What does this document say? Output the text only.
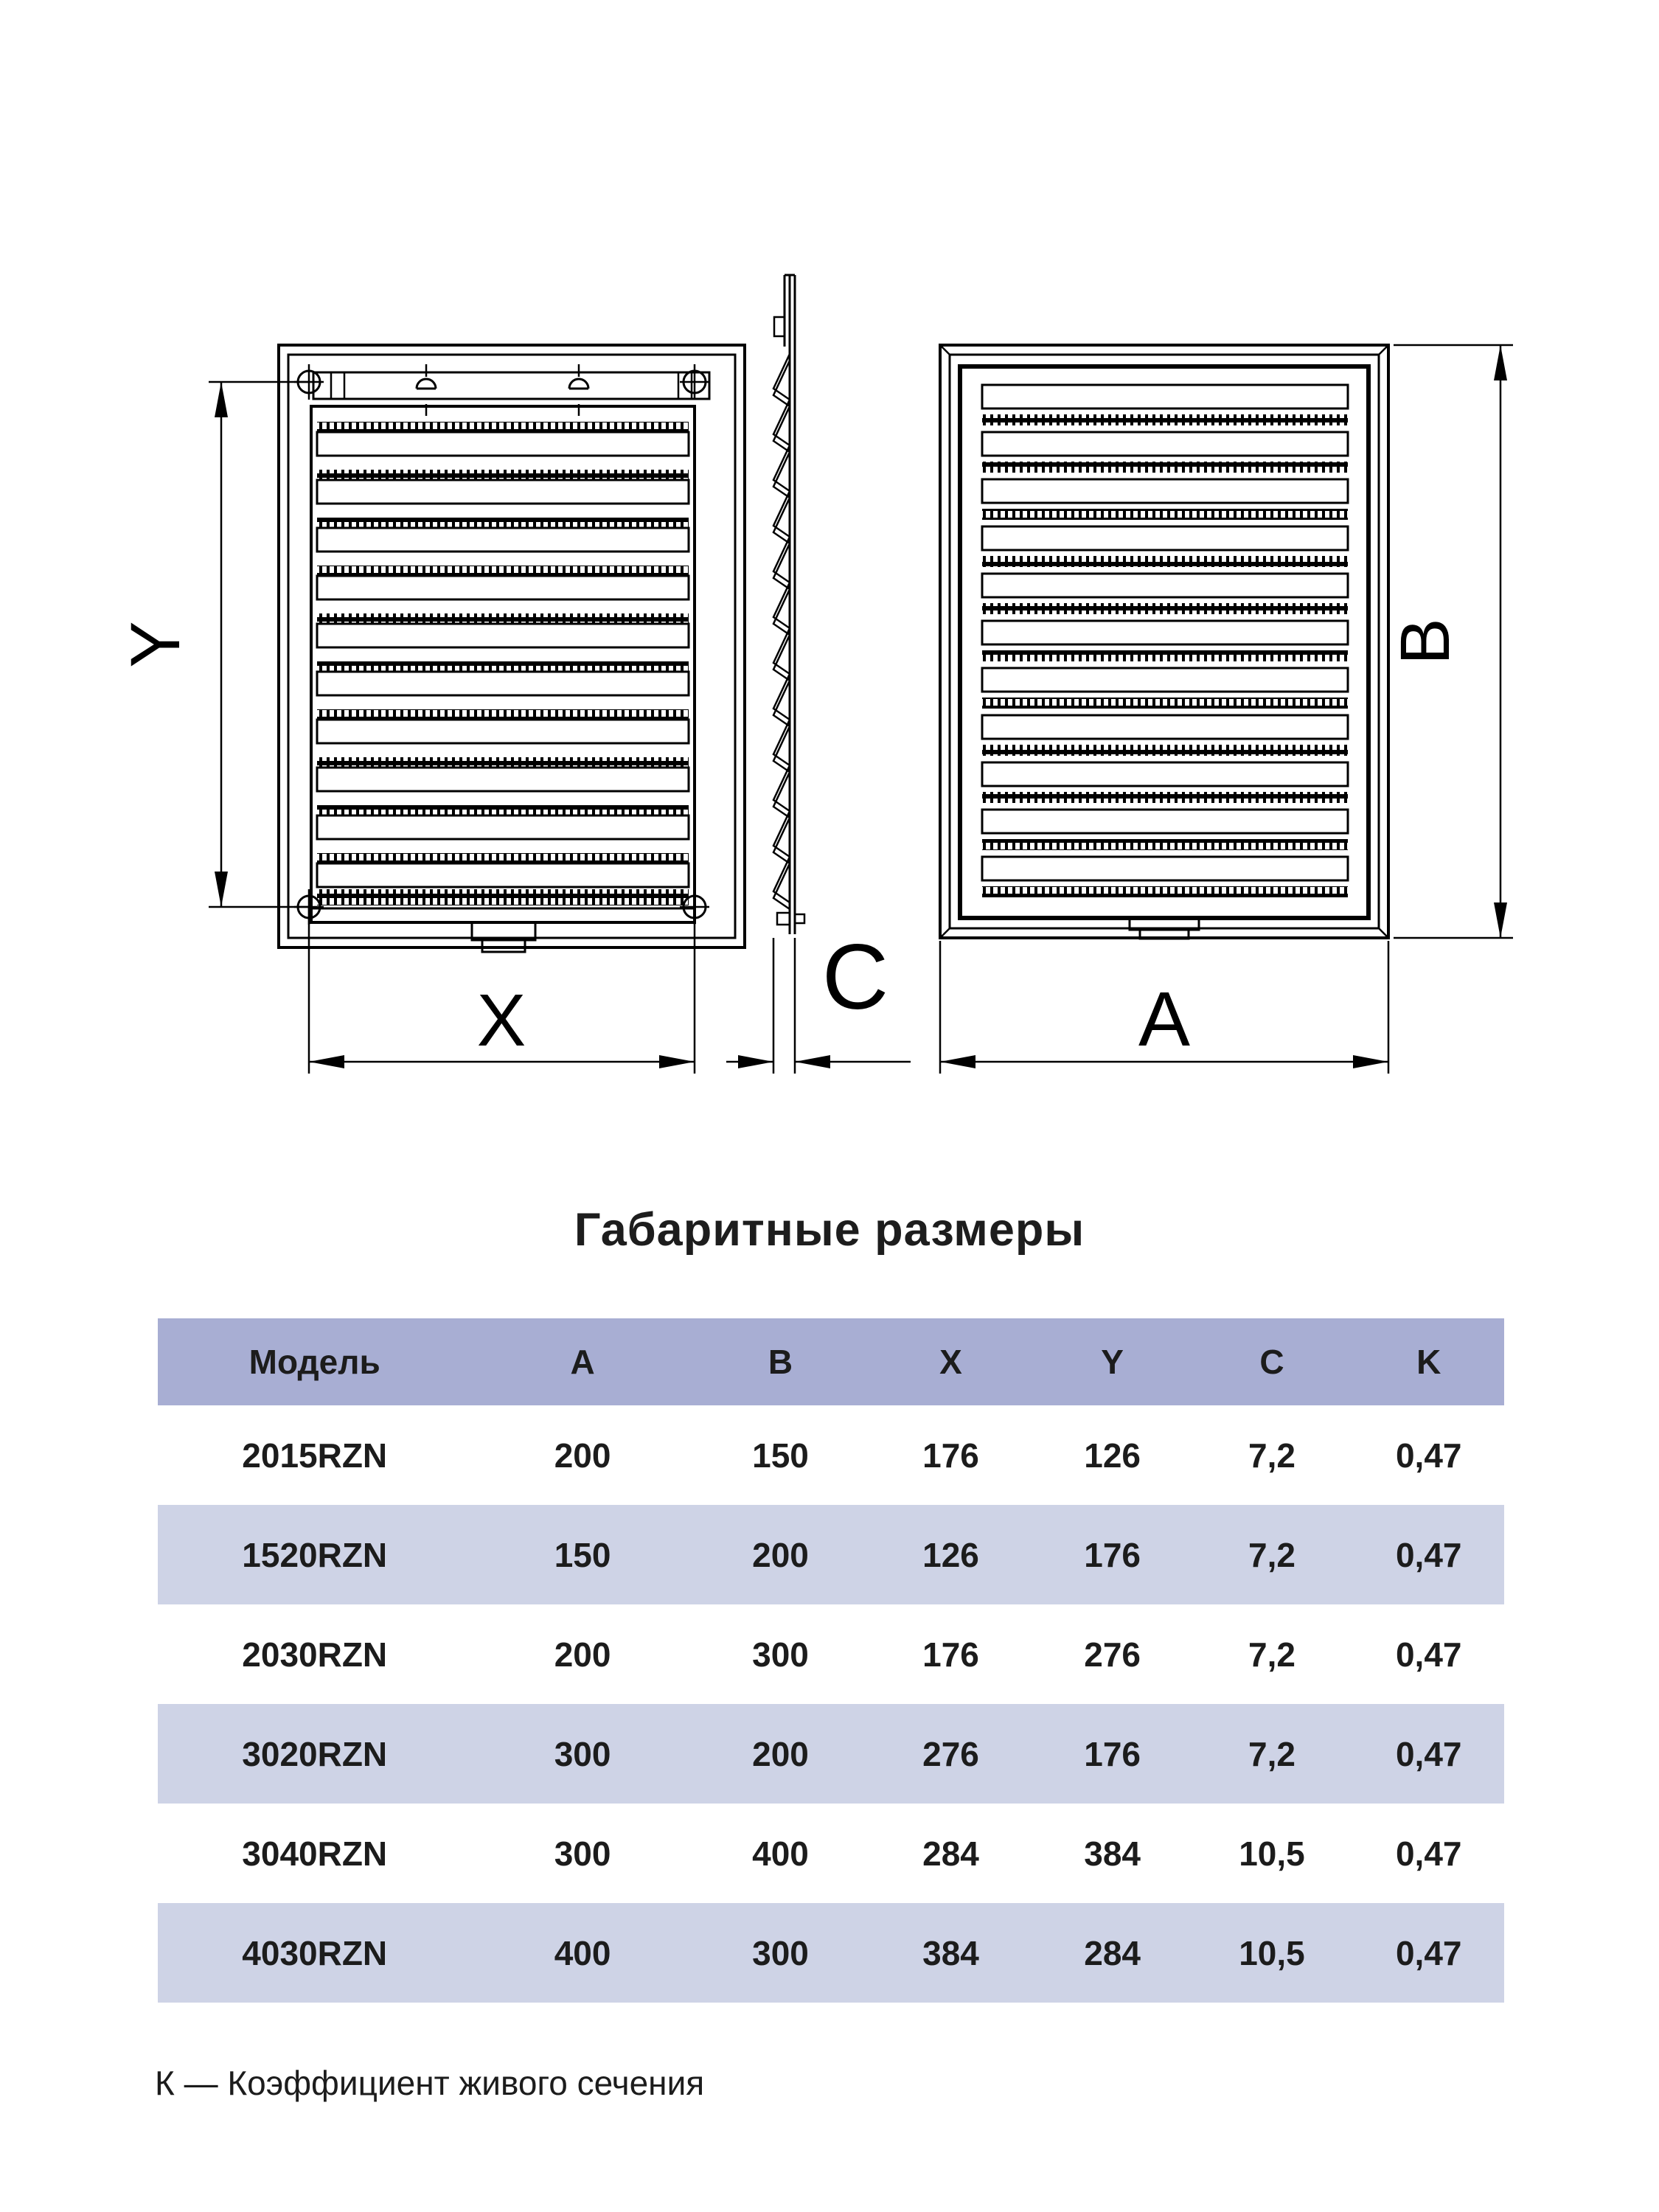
Y
X	C	A
B
Габаритные размеры
Модель	A	B	X	Y	C	K
2015RZN	200	150	176	126	7,2	0,47
1520RZN	150	200	126	176	7,2	0,47
2030RZN	200	300	176	276	7,2	0,47
3020RZN	300	200	276	176	7,2	0,47
3040RZN	300	400	284	384	10,5	0,47
4030RZN	400	300	384	284	10,5	0,47

К — Коэффициент живого сечения
